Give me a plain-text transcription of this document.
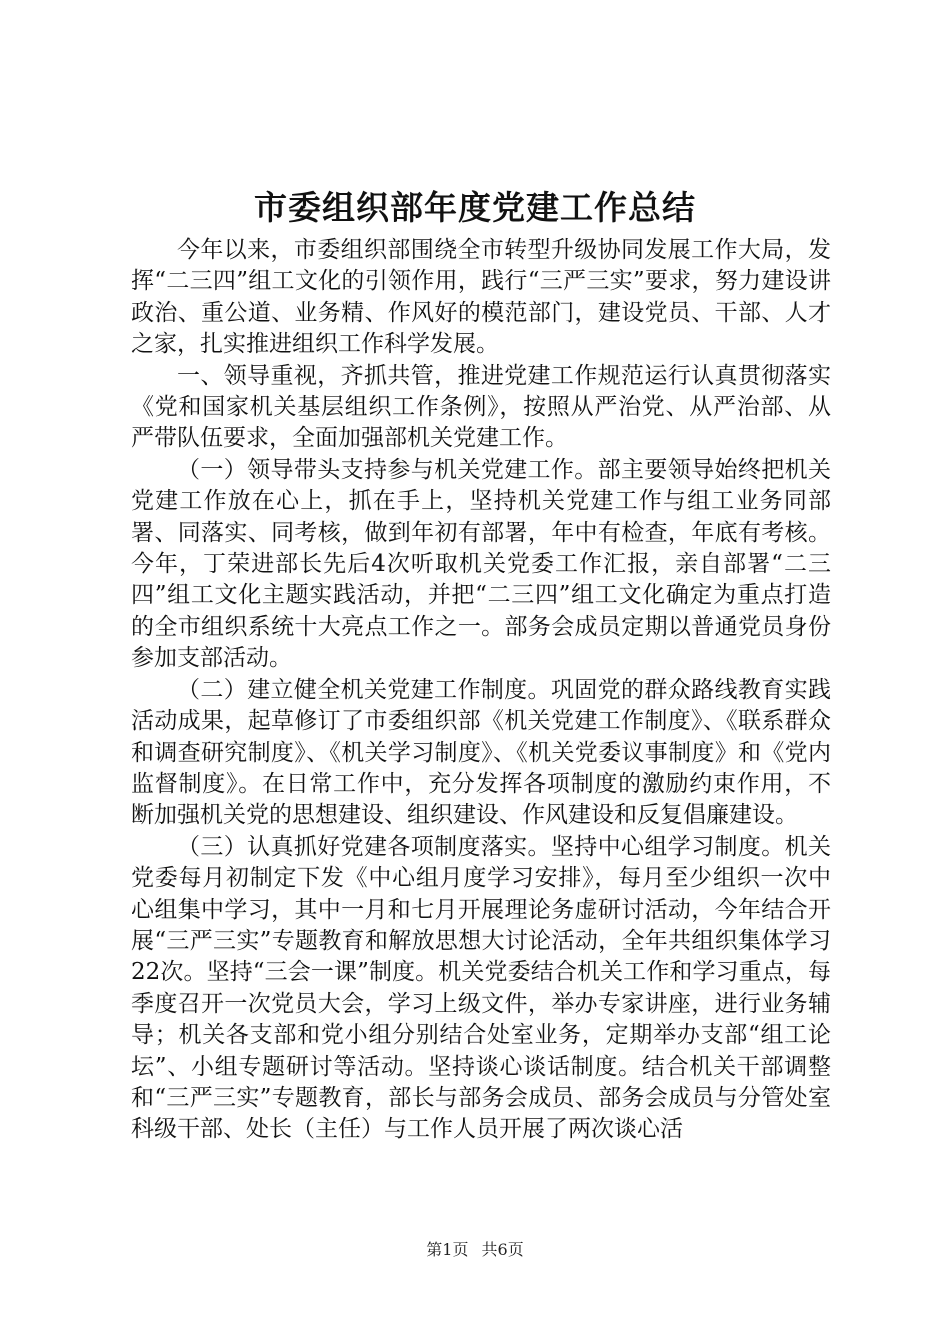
市委组织部年度党建工作总结

今年以来，市委组织部围绕全市转型升级协同发展工作大局，发挥“二三四”组工文化的引领作用，践行“三严三实”要求，努力建设讲政治、重公道、业务精、作风好的模范部门，建设党员、干部、人才之家，扎实推进组织工作科学发展。

一、领导重视，齐抓共管，推进党建工作规范运行认真贯彻落实《党和国家机关基层组织工作条例》，按照从严治党、从严治部、从严带队伍要求，全面加强部机关党建工作。

（一）领导带头支持参与机关党建工作。部主要领导始终把机关党建工作放在心上，抓在手上，坚持机关党建工作与组工业务同部署、同落实、同考核，做到年初有部署，年中有检查，年底有考核。今年，丁荣进部长先后4次听取机关党委工作汇报，亲自部署“二三四”组工文化主题实践活动，并把“二三四”组工文化确定为重点打造的全市组织系统十大亮点工作之一。部务会成员定期以普通党员身份参加支部活动。

（二）建立健全机关党建工作制度。巩固党的群众路线教育实践活动成果，起草修订了市委组织部《机关党建工作制度》、《联系群众和调查研究制度》、《机关学习制度》、《机关党委议事制度》和《党内监督制度》。在日常工作中，充分发挥各项制度的激励约束作用，不断加强机关党的思想建设、组织建设、作风建设和反复倡廉建设。

（三）认真抓好党建各项制度落实。坚持中心组学习制度。机关党委每月初制定下发《中心组月度学习安排》，每月至少组织一次中心组集中学习，其中一月和七月开展理论务虚研讨活动，今年结合开展“三严三实”专题教育和解放思想大讨论活动，全年共组织集体学习22次。坚持“三会一课”制度。机关党委结合机关工作和学习重点，每季度召开一次党员大会，学习上级文件，举办专家讲座，进行业务辅导；机关各支部和党小组分别结合处室业务，定期举办支部“组工论坛”、小组专题研讨等活动。坚持谈心谈话制度。结合机关干部调整和“三严三实”专题教育，部长与部务会成员、部务会成员与分管处室科级干部、处长（主任）与工作人员开展了两次谈心活

第1页 共6页
